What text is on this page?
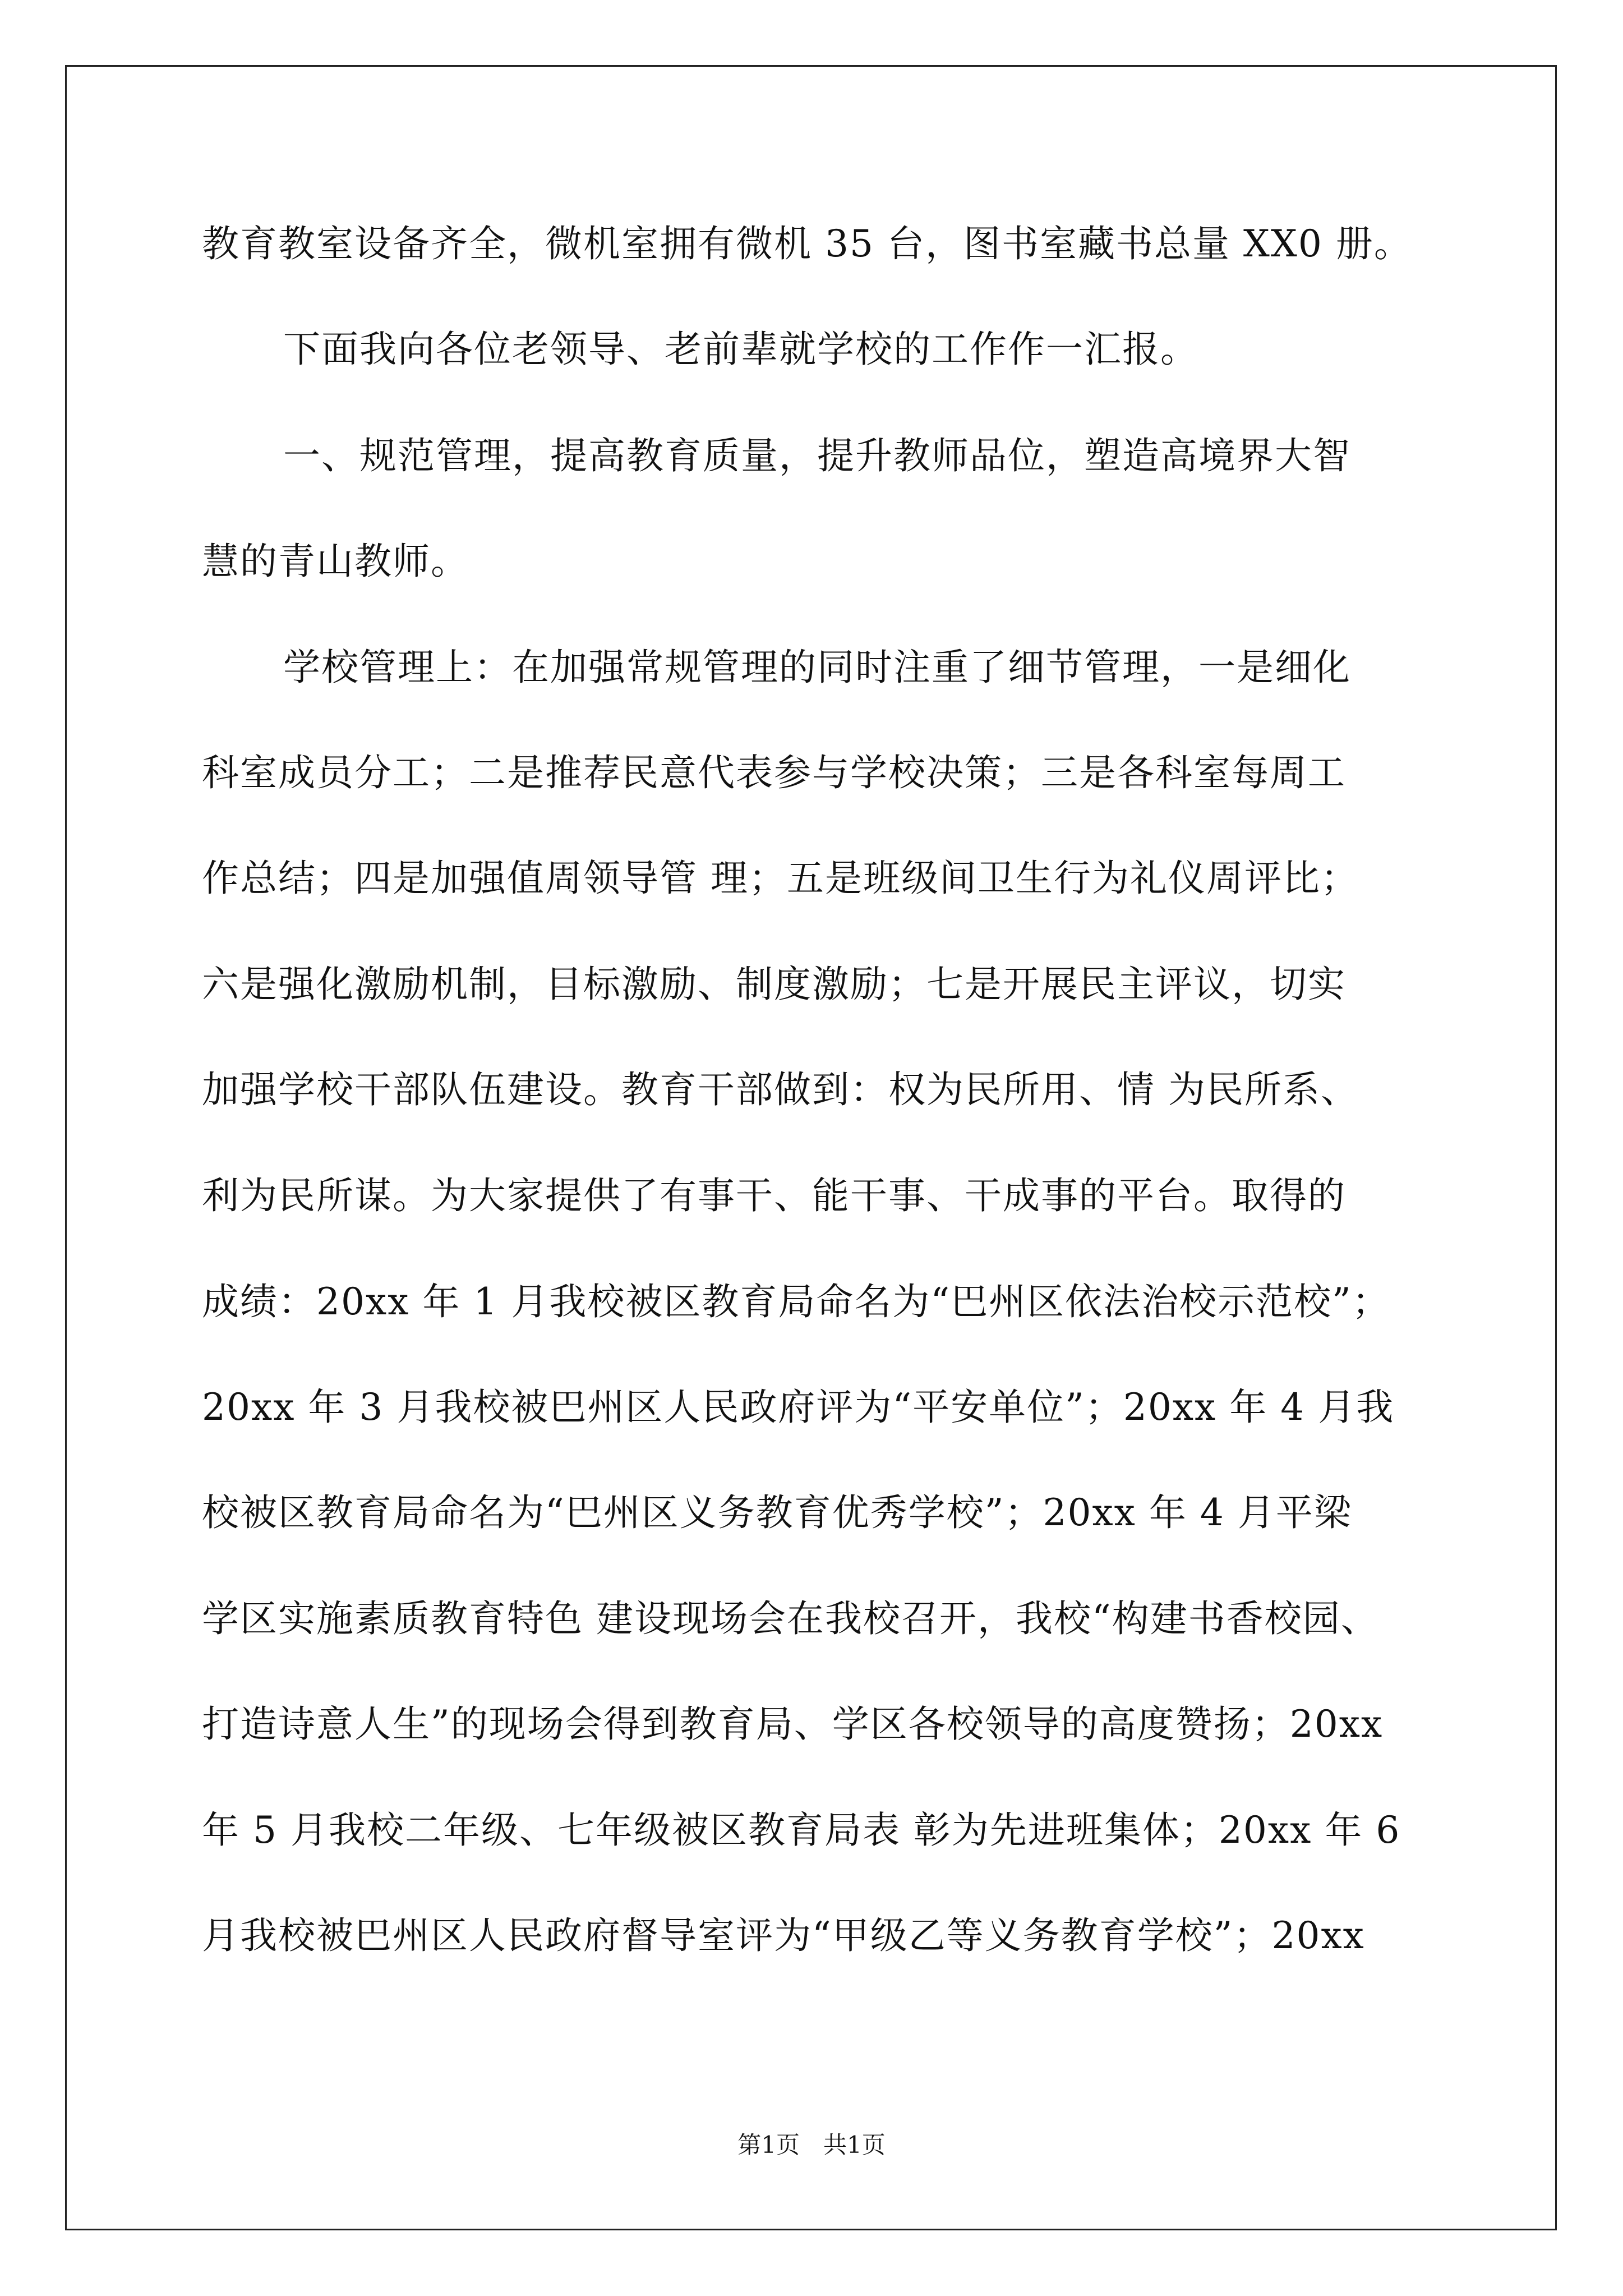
教育教室设备齐全，微机室拥有微机 35 台，图书室藏书总量 XX0 册。
下面我向各位老领导、老前辈就学校的工作作一汇报。
一、规范管理，提高教育质量，提升教师品位，塑造高境界大智
慧的青山教师。
学校管理上：在加强常规管理的同时注重了细节管理，一是细化
科室成员分工；二是推荐民意代表参与学校决策；三是各科室每周工
作总结；四是加强值周领导管 理；五是班级间卫生行为礼仪周评比；
六是强化激励机制，目标激励、制度激励；七是开展民主评议，切实
加强学校干部队伍建设。教育干部做到：权为民所用、情 为民所系、
利为民所谋。为大家提供了有事干、能干事、干成事的平台。取得的
成绩：20xx 年 1 月我校被区教育局命名为“巴州区依法治校示范校”；
20xx 年 3 月我校被巴州区人民政府评为“平安单位”；20xx 年 4 月我
校被区教育局命名为“巴州区义务教育优秀学校”；20xx 年 4 月平梁
学区实施素质教育特色 建设现场会在我校召开，我校“构建书香校园、
打造诗意人生”的现场会得到教育局、学区各校领导的高度赞扬；20xx
年 5 月我校二年级、七年级被区教育局表 彰为先进班集体；20xx 年 6
月我校被巴州区人民政府督导室评为“甲级乙等义务教育学校”；20xx
第1页　共1页
